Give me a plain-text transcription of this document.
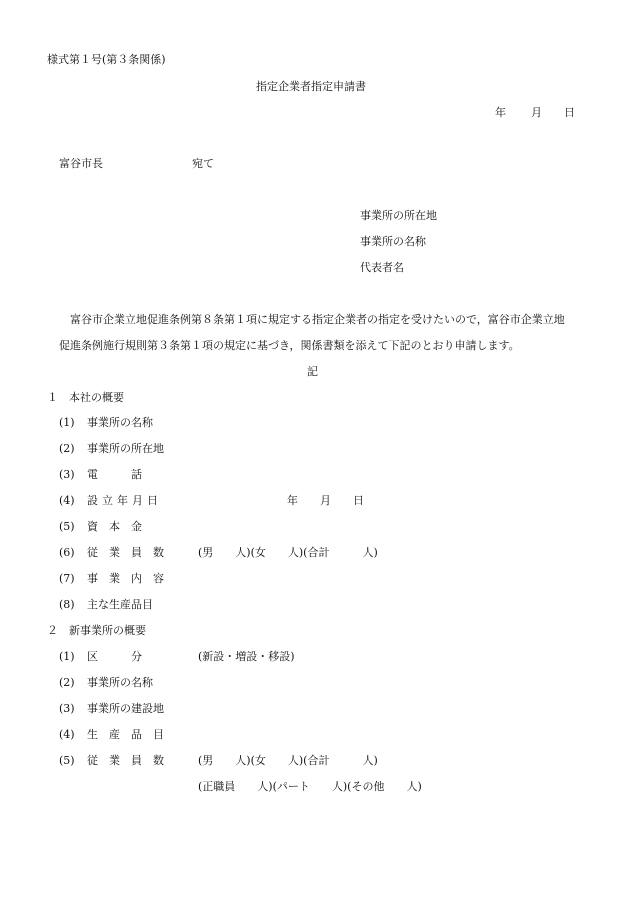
様式第１号(第３条関係)
指定企業者指定申請書
年 月 日
富谷市長	宛て
事業所の所在地
事業所の名称
代表者名
富谷市企業立地促進条例第８条第１項に規定する指定企業者の指定を受けたいので，富谷市企業立地
促進条例施行規則第３条第１項の規定に基づき，関係書類を添えて下記のとおり申請します。
記
１　本社の概要
(1) 事業所の名称
(2) 事業所の所在地
(3) 電　　　話
(4) 設立年月日	年　　月　　日
(5) 資　本　金
(6) 従　業　員　数	(男　　人)(女　　人)(合計　　　人)
(7) 事　業　内　容
(8) 主な生産品目
２　新事業所の概要
(1) 区　　　分	(新設・増設・移設)
(2) 事業所の名称
(3) 事業所の建設地
(4) 生　産　品　目
(5) 従　業　員　数	(男　　人)(女　　人)(合計　　　人)
(正職員　　人)(パート　　人)(その他　　人)
